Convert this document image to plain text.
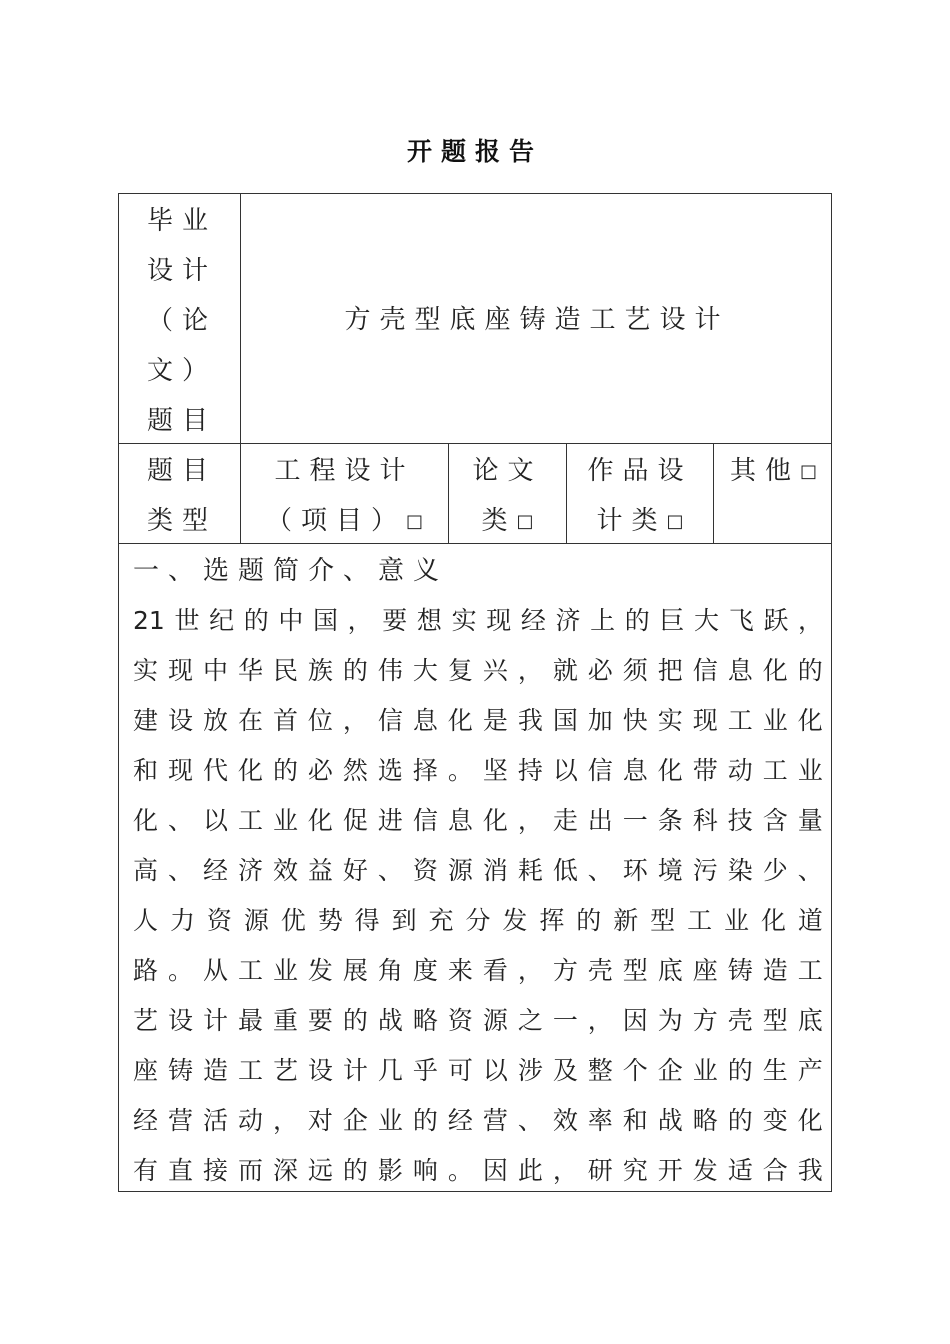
开题报告
毕业
设计
（论
文）
题目
方壳型底座铸造工艺设计
题目
类型
工程设计
（项目）□
论文
类□
作品设
计类□
其他□
一、选题简介、意义
21 世 纪 的 中 国 ， 要 想 实 现 经 济 上 的 巨 大 飞 跃 ，
实 现 中 华 民 族 的 伟 大 复 兴 ， 就 必 须 把 信 息 化 的
建 设 放 在 首 位 ， 信 息 化 是 我 国 加 快 实 现 工 业 化
和 现 代 化 的 必 然 选 择 。 坚 持 以 信 息 化 带 动 工 业
化 、 以 工 业 化 促 进 信 息 化 ， 走 出 一 条 科 技 含 量
高 、 经 济 效 益 好 、 资 源 消 耗 低 、 环 境 污 染 少 、
人 力 资 源 优 势 得 到 充 分 发 挥 的 新 型 工 业 化 道
路 。 从 工 业 发 展 角 度 来 看 ， 方 壳 型 底 座 铸 造 工
艺 设 计 最 重 要 的 战 略 资 源 之 一 ， 因 为 方 壳 型 底
座 铸 造 工 艺 设 计 几 乎 可 以 涉 及 整 个 企 业 的 生 产
经 营 活 动 ， 对 企 业 的 经 营 、 效 率 和 战 略 的 变 化
有 直 接 而 深 远 的 影 响 。 因 此 ， 研 究 开 发 适 合 我
